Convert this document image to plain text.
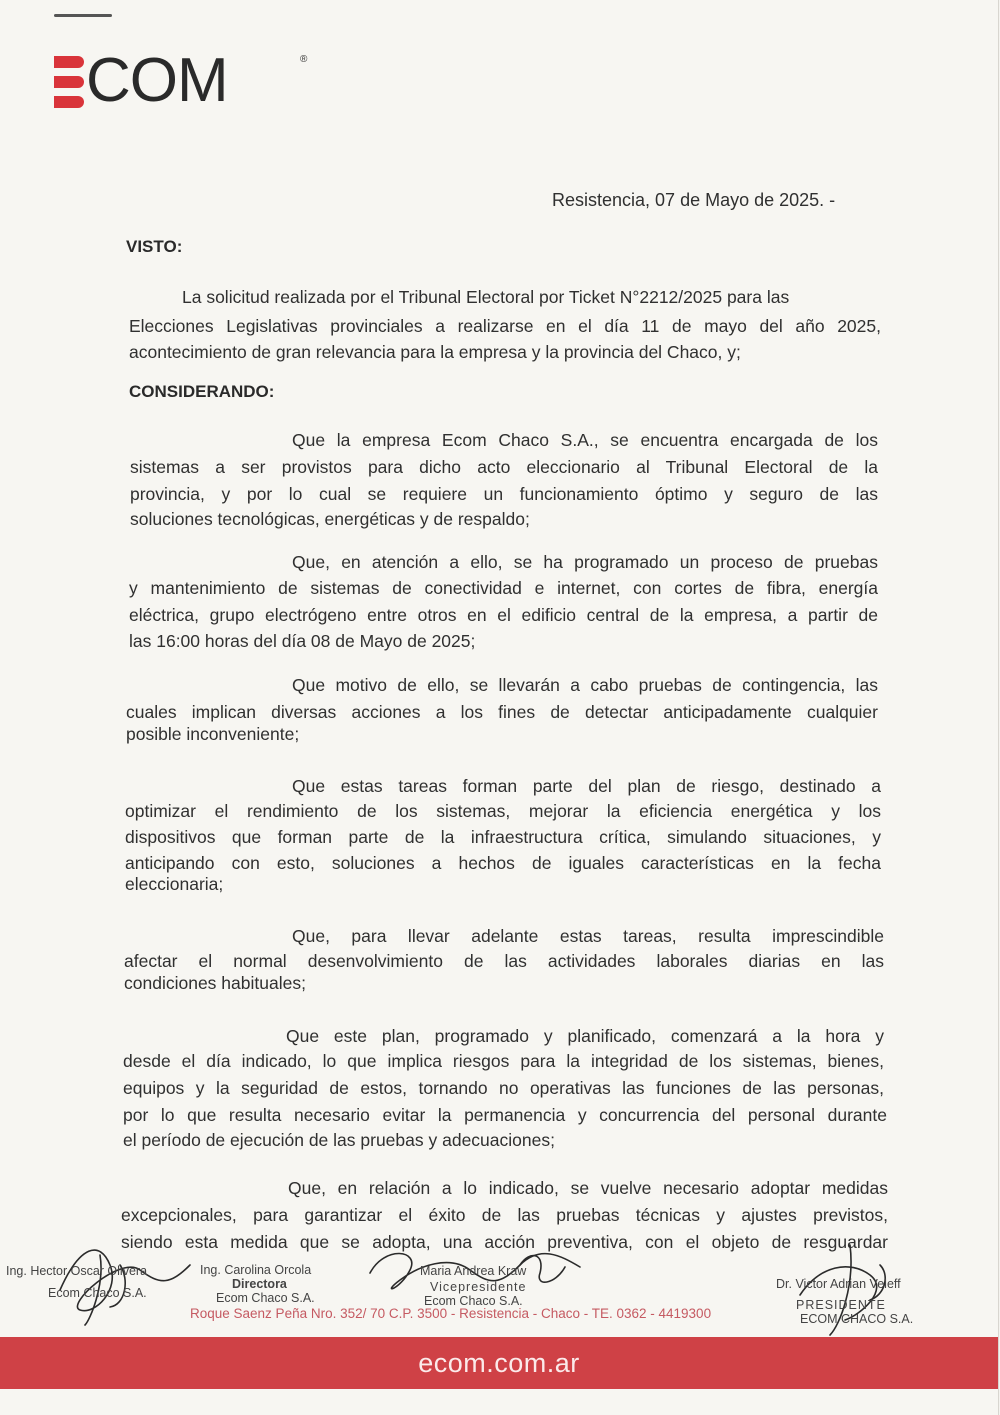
COM	®
Resistencia, 07 de Mayo de 2025. -
VISTO:
La solicitud realizada por el Tribunal Electoral por Ticket N°2212/2025 para las
Elecciones Legislativas provinciales a realizarse en el día 11 de mayo del año 2025,
acontecimiento de gran relevancia para la empresa y la provincia del Chaco, y;
CONSIDERANDO:
Que la empresa Ecom Chaco S.A., se encuentra encargada de los
sistemas a ser provistos para dicho acto eleccionario al Tribunal Electoral de la
provincia, y por lo cual se requiere un funcionamiento óptimo y seguro de las
soluciones tecnológicas, energéticas y de respaldo;
Que, en atención a ello, se ha programado un proceso de pruebas
y mantenimiento de sistemas de conectividad e internet, con cortes de fibra, energía
eléctrica, grupo electrógeno entre otros en el edificio central de la empresa, a partir de
las 16:00 horas del día 08 de Mayo de 2025;
Que motivo de ello, se llevarán a cabo pruebas de contingencia, las
cuales implican diversas acciones a los fines de detectar anticipadamente cualquier
posible inconveniente;
Que estas tareas forman parte del plan de riesgo, destinado a
optimizar el rendimiento de los sistemas, mejorar la eficiencia energética y los
dispositivos que forman parte de la infraestructura crítica, simulando situaciones, y
anticipando con esto, soluciones a hechos de iguales características en la fecha
eleccionaria;
Que, para llevar adelante estas tareas, resulta imprescindible
afectar el normal desenvolvimiento de las actividades laborales diarias en las
condiciones habituales;
Que este plan, programado y planificado, comenzará a la hora y
desde el día indicado, lo que implica riesgos para la integridad de los sistemas, bienes,
equipos y la seguridad de estos, tornando no operativas las funciones de las personas,
por lo que resulta necesario evitar la permanencia y concurrencia del personal durante
el período de ejecución de las pruebas y adecuaciones;
Que, en relación a lo indicado, se vuelve necesario adoptar medidas
excepcionales, para garantizar el éxito de las pruebas técnicas y ajustes previstos,
siendo esta medida que se adopta, una acción preventiva, con el objeto de resguardar
Ing. Hector Oscar Olivera
Ecom Chaco S.A.
Ing. Carolina Orcola
Directora
Ecom Chaco S.A.
Maria Andrea Kraw
Vicepresidente
Ecom Chaco S.A.
Dr. Victor Adrian Veleff
PRESIDENTE
ECOM CHACO S.A.
Roque Saenz Peña Nro. 352/ 70 C.P. 3500 - Resistencia - Chaco - TE. 0362 - 4419300
ecom.com.ar
